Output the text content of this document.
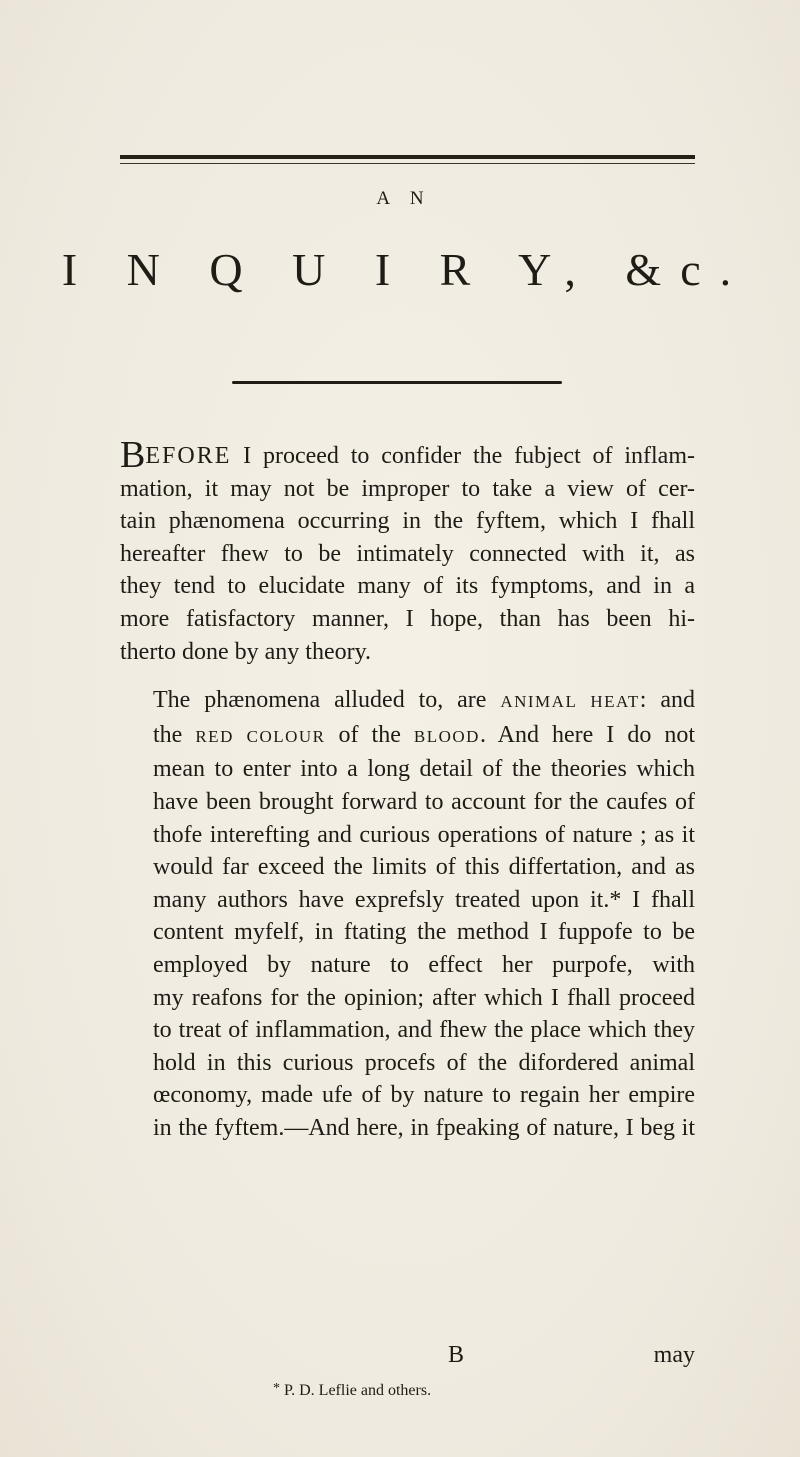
A N
I N Q U I R Y, &c.
BEFORE I proceed to confider the fubject of inflam-
mation, it may not be improper to take a view of cer-
tain phænomena occurring in the fyftem, which I fhall
hereafter fhew to be intimately connected with it, as
they tend to elucidate many of its fymptoms, and in a
more fatisfactory manner, I hope, than has been hi-
therto done by any theory.
The phænomena alluded to, are ANIMAL HEAT: and
the RED COLOUR of the BLOOD. And here I do not
mean to enter into a long detail of the theories which
have been brought forward to account for the caufes of
thofe interefting and curious operations of nature ; as it
would far exceed the limits of this differtation, and as
many authors have exprefsly treated upon it.* I fhall
content myfelf, in ftating the method I fuppofe to be
employed by nature to effect her purpofe, with
my reafons for the opinion; after which I fhall proceed
to treat of inflammation, and fhew the place which they
hold in this curious procefs of the difordered animal
œconomy, made ufe of by nature to regain her empire
in the fyftem.—And here, in fpeaking of nature, I beg it
B	may
* P. D. Leflie and others.
